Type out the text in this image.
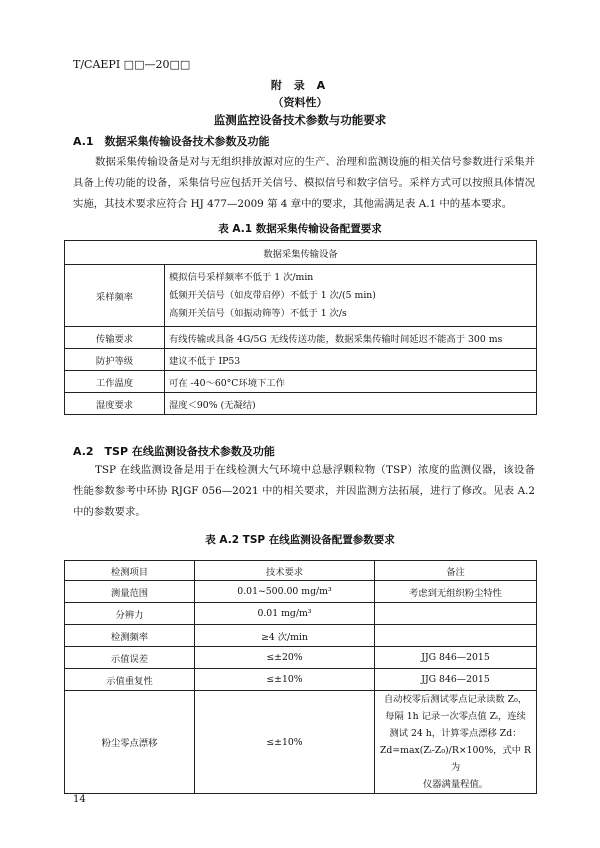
T/CAEPI □□—20□□
附 录 A
（资料性）
监测监控设备技术参数与功能要求
A.1　数据采集传输设备技术参数及功能
数据采集传输设备是对与无组织排放源对应的生产、治理和监测设施的相关信号参数进行采集并具备上传功能的设备，采集信号应包括开关信号、模拟信号和数字信号。采样方式可以按照具体情况实施，其技术要求应符合 HJ 477—2009 第 4 章中的要求，其他需满足表 A.1 中的基本要求。
表 A.1 数据采集传输设备配置要求
数据采集传输设备	
采样频率	模拟信号采样频率不低于 1 次/min
低频开关信号（如皮带启停）不低于 1 次/(5 min)
高频开关信号（如振动筛等）不低于 1 次/s

传输要求	有线传输或具备 4G/5G 无线传送功能，数据采集传输时间延迟不能高于 300 ms
防护等级	建议不低于 IP53
工作温度	可在 -40～60°C环境下工作
湿度要求	湿度＜90% (无凝结)
A.2　TSP 在线监测设备技术参数及功能
TSP 在线监测设备是用于在线检测大气环境中总悬浮颗粒物（TSP）浓度的监测仪器，该设备性能参数参考中环协 RJGF 056—2021 中的相关要求，并因监测方法拓展，进行了修改。见表 A.2 中的参数要求。
表 A.2 TSP 在线监测设备配置参数要求
检测项目	技术要求	备注
测量范围	0.01~500.00 mg/m³	考虑到无组织粉尘特性
分辨力	0.01 mg/m³	
检测频率	≥4 次/min	
示值误差	≤±20%	JJG 846—2015
示值重复性	≤±10%	JJG 846—2015
粉尘零点漂移	≤±10%	自动校零后测试零点记录读数 Z₀，
每隔 1h 记录一次零点值 Zᵢ，连续
测试 24 h，计算零点漂移 Zd：
Zd=max(Zᵢ-Z₀)/R×100%，式中 R 为
仪器满量程值。
14
